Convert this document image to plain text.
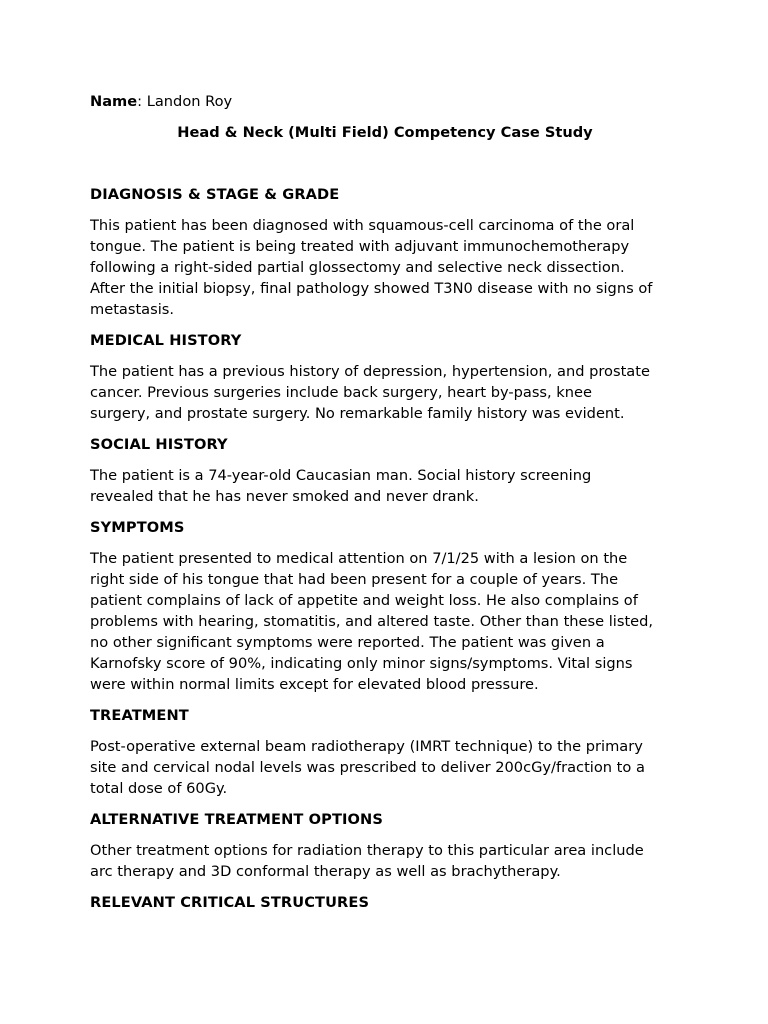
Name: Landon Roy

Head & Neck (Multi Field) Competency Case Study

DIAGNOSIS & STAGE & GRADE

This patient has been diagnosed with squamous-cell carcinoma of the oral
tongue. The patient is being treated with adjuvant immunochemotherapy
following a right-sided partial glossectomy and selective neck dissection.
After the initial biopsy, final pathology showed T3N0 disease with no signs of
metastasis.

MEDICAL HISTORY

The patient has a previous history of depression, hypertension, and prostate
cancer. Previous surgeries include back surgery, heart by-pass, knee
surgery, and prostate surgery. No remarkable family history was evident.

SOCIAL HISTORY

The patient is a 74-year-old Caucasian man. Social history screening
revealed that he has never smoked and never drank.

SYMPTOMS

The patient presented to medical attention on 7/1/25 with a lesion on the
right side of his tongue that had been present for a couple of years. The
patient complains of lack of appetite and weight loss. He also complains of
problems with hearing, stomatitis, and altered taste. Other than these listed,
no other significant symptoms were reported. The patient was given a
Karnofsky score of 90%, indicating only minor signs/symptoms. Vital signs
were within normal limits except for elevated blood pressure.

TREATMENT

Post-operative external beam radiotherapy (IMRT technique) to the primary
site and cervical nodal levels was prescribed to deliver 200cGy/fraction to a
total dose of 60Gy.

ALTERNATIVE TREATMENT OPTIONS

Other treatment options for radiation therapy to this particular area include
arc therapy and 3D conformal therapy as well as brachytherapy.

RELEVANT CRITICAL STRUCTURES
